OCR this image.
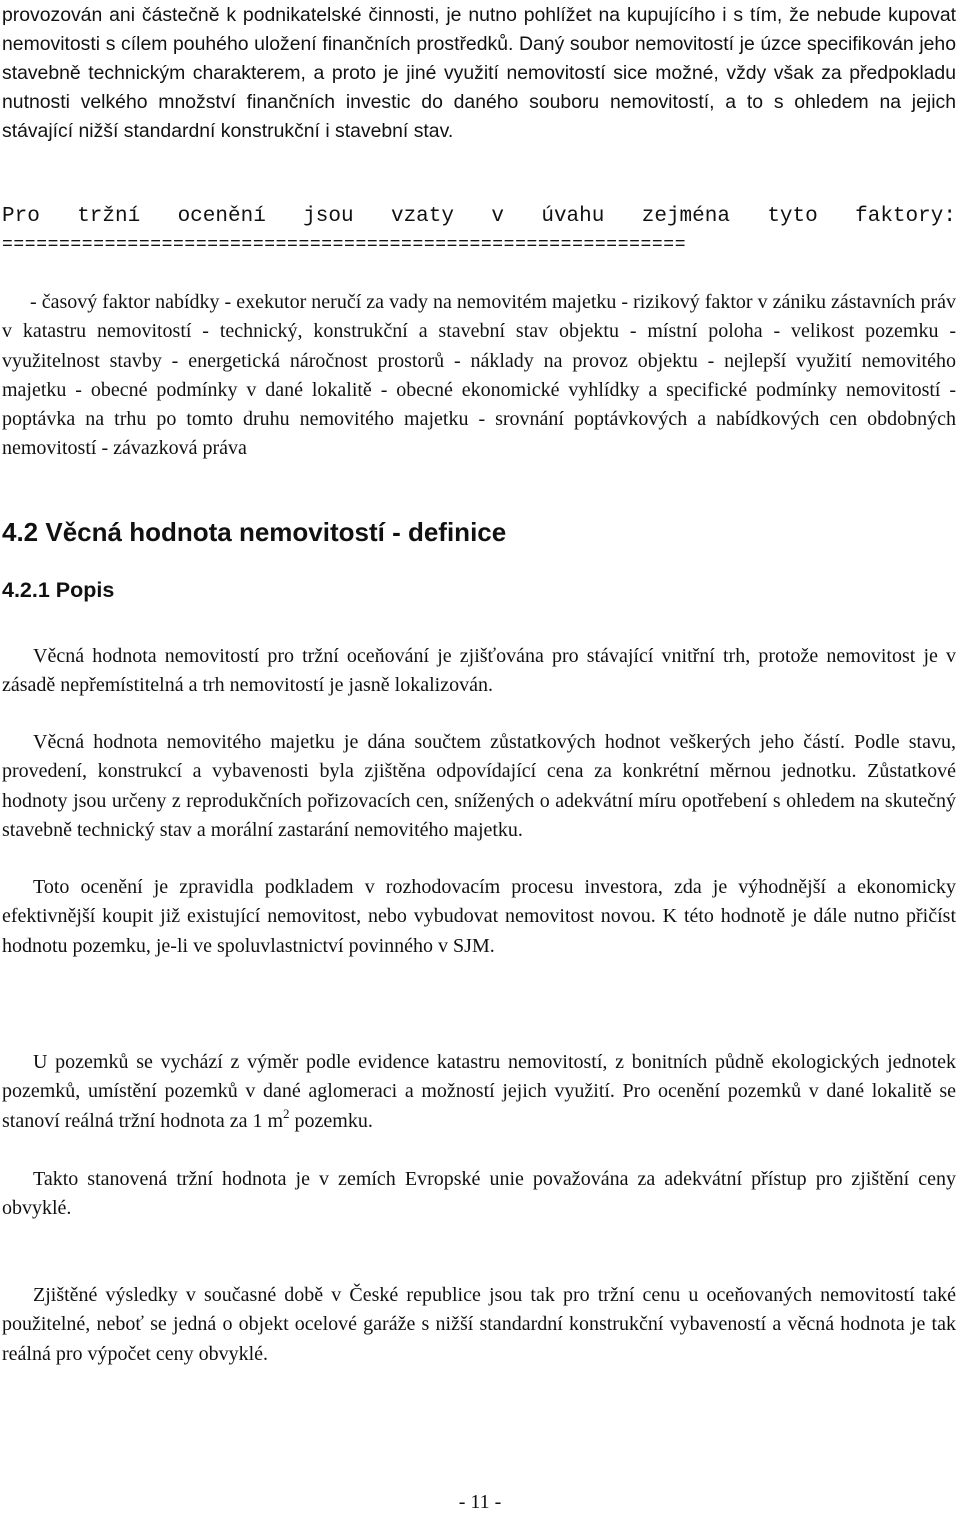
provozován ani částečně k podnikatelské činnosti, je nutno pohlížet na kupujícího i s tím, že nebude kupovat nemovitosti s cílem pouhého uložení finančních prostředků. Daný soubor nemovitostí je úzce specifikován jeho stavebně technickým charakterem, a proto je jiné využití nemovitostí sice možné, vždy však za předpokladu nutnosti velkého množství finančních investic do daného souboru nemovitostí, a to s ohledem na jejich stávající nižší standardní konstrukční i stavební stav.

Pro tržní ocenění jsou vzaty v úvahu zejména tyto faktory:
============================================================

- časový faktor nabídky - exekutor neručí za vady na nemovitém majetku - rizikový faktor v zániku zástavních práv v katastru nemovitostí - technický, konstrukční a stavební stav objektu - místní poloha - velikost pozemku - využitelnost stavby - energetická náročnost prostorů - náklady na provoz objektu - nejlepší využití nemovitého majetku - obecné podmínky v dané lokalitě - obecné ekonomické vyhlídky a specifické podmínky nemovitostí - poptávka na trhu po tomto druhu nemovitého majetku - srovnání poptávkových a nabídkových cen obdobných nemovitostí - závazková práva

4.2 Věcná hodnota nemovitostí - definice
4.2.1 Popis

Věcná hodnota nemovitostí pro tržní oceňování je zjišťována pro stávající vnitřní trh, protože nemovitost je v zásadě nepřemístitelná a trh nemovitostí je jasně lokalizován.

Věcná hodnota nemovitého majetku je dána součtem zůstatkových hodnot veškerých jeho částí. Podle stavu, provedení, konstrukcí a vybavenosti byla zjištěna odpovídající cena za konkrétní měrnou jednotku. Zůstatkové hodnoty jsou určeny z reprodukčních pořizovacích cen, snížených o adekvátní míru opotřebení s ohledem na skutečný stavebně technický stav a morální zastarání nemovitého majetku.

Toto ocenění je zpravidla podkladem v rozhodovacím procesu investora, zda je výhodnější a ekonomicky efektivnější koupit již existující nemovitost, nebo vybudovat nemovitost novou. K této hodnotě je dále nutno přičíst hodnotu pozemku, je-li ve spoluvlastnictví povinného v SJM.

U pozemků se vychází z výměr podle evidence katastru nemovitostí, z bonitních půdně ekologických jednotek pozemků, umístění pozemků v dané aglomeraci a možností jejich využití. Pro ocenění pozemků v dané lokalitě se stanoví reálná tržní hodnota za 1 $m^2$ pozemku.

Takto stanovená tržní hodnota je v zemích Evropské unie považována za adekvátní přístup pro zjištění ceny obvyklé.

Zjištěné výsledky v současné době v České republice jsou tak pro tržní cenu u oceňovaných nemovitostí také použitelné, neboť se jedná o objekt ocelové garáže s nižší standardní konstrukční vybaveností a věcná hodnota je tak reálná pro výpočet ceny obvyklé.

- 11 -
